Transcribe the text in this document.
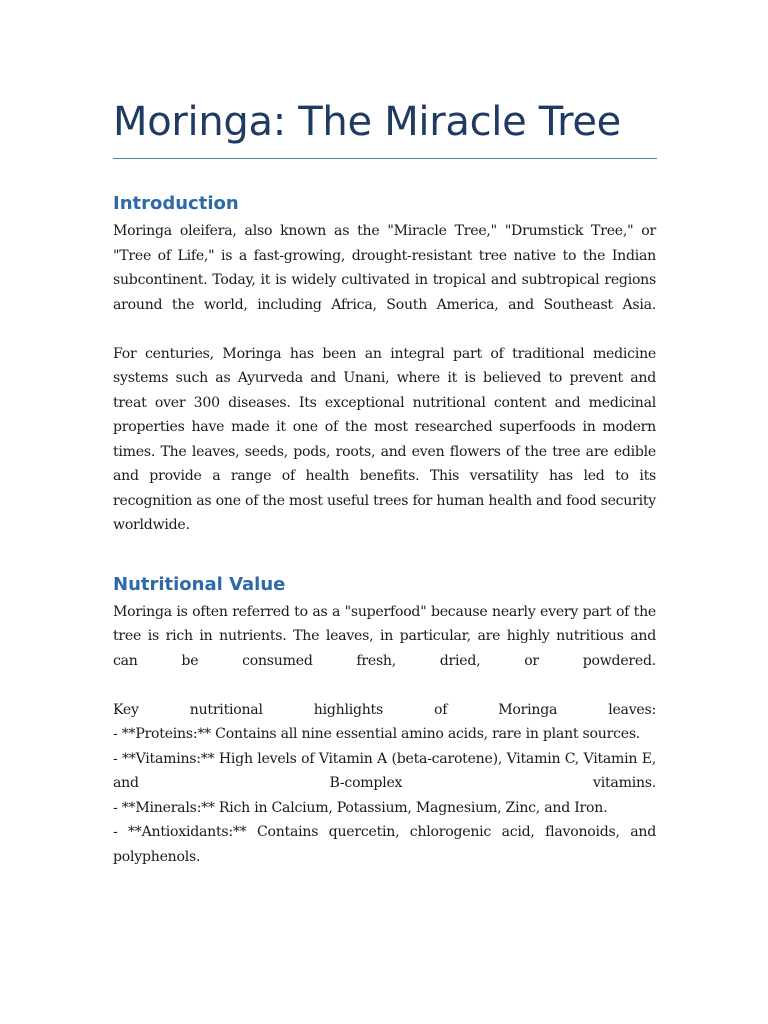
Moringa: The Miracle Tree
Introduction

Moringa oleifera, also known as the "Miracle Tree," "Drumstick Tree," or "Tree of Life," is a fast-growing, drought-resistant tree native to the Indian subcontinent. Today, it is widely cultivated in tropical and subtropical regions around the world, including Africa, South America, and Southeast Asia.

For centuries, Moringa has been an integral part of traditional medicine systems such as Ayurveda and Unani, where it is believed to prevent and treat over 300 diseases. Its exceptional nutritional content and medicinal properties have made it one of the most researched superfoods in modern times. The leaves, seeds, pods, roots, and even flowers of the tree are edible and provide a range of health benefits. This versatility has led to its recognition as one of the most useful trees for human health and food security worldwide.

Nutritional Value

Moringa is often referred to as a "superfood" because nearly every part of the tree is rich in nutrients. The leaves, in particular, are highly nutritious and can be consumed fresh, dried, or powdered.

Key nutritional highlights of Moringa leaves:

- **Proteins:** Contains all nine essential amino acids, rare in plant sources.

- **Vitamins:** High levels of Vitamin A (beta-carotene), Vitamin C, Vitamin E, and B-complex vitamins.

- **Minerals:** Rich in Calcium, Potassium, Magnesium, Zinc, and Iron.

- **Antioxidants:** Contains quercetin, chlorogenic acid, flavonoids, and polyphenols.
